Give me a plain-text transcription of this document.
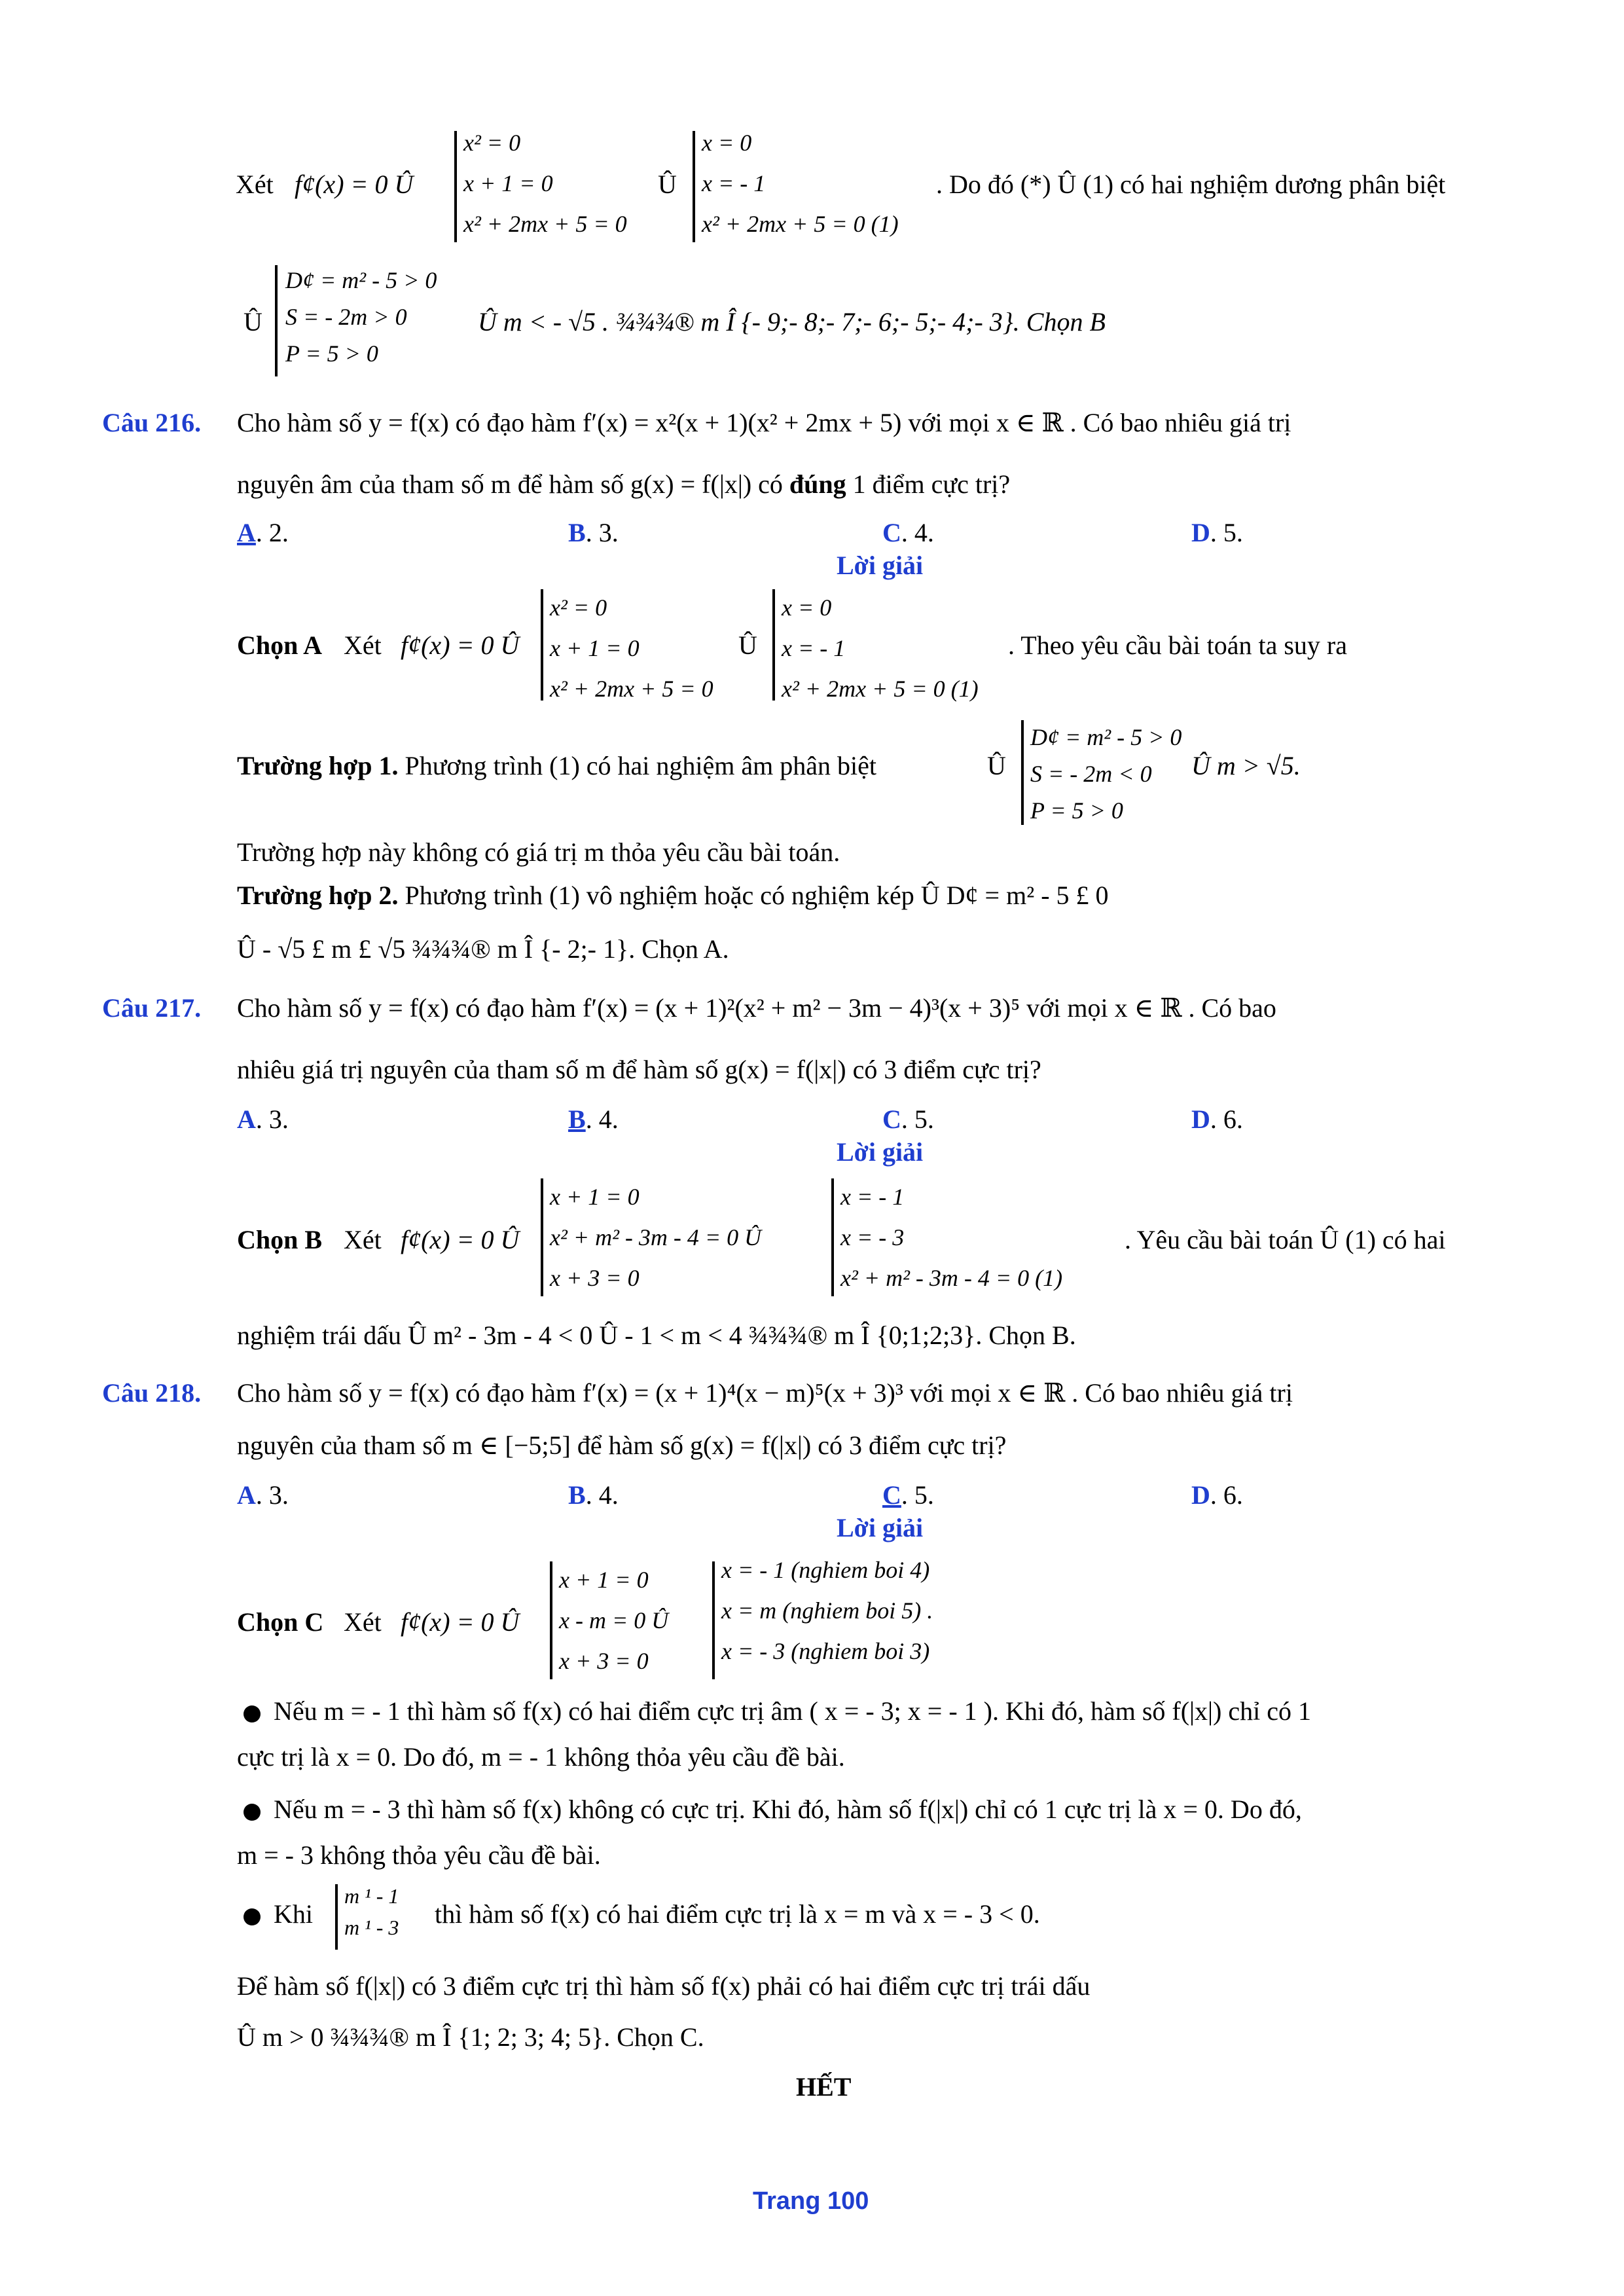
Xét f¢(x) = 0 Û
x² = 0
x + 1 = 0
x² + 2mx + 5 = 0
Û
x = 0
x = - 1
x² + 2mx + 5 = 0 (1)
. Do đó (*) Û (1) có hai nghiệm dương phân biệt
Û
D¢ = m² - 5 > 0
S = - 2m > 0
P = 5 > 0
Û m < - √5 . ¾¾¾® m Î {- 9;- 8;- 7;- 6;- 5;- 4;- 3}. Chọn B
Câu 216. Cho hàm số y = f(x) có đạo hàm f′(x) = x²(x + 1)(x² + 2mx + 5) với mọi x ∈ ℝ . Có bao nhiêu giá trị
nguyên âm của tham số m để hàm số g(x) = f(|x|) có đúng 1 điểm cực trị?
A. 2.	B. 3.	C. 4.	D. 5.
Lời giải
Chọn A Xét f¢(x) = 0 Û
x² = 0
x + 1 = 0
x² + 2mx + 5 = 0
Û
x = 0
x = - 1
x² + 2mx + 5 = 0 (1)
. Theo yêu cầu bài toán ta suy ra
Trường hợp 1. Phương trình (1) có hai nghiệm âm phân biệt	Û
D¢ = m² - 5 > 0
S = - 2m < 0
P = 5 > 0
Û m > √5.
Trường hợp này không có giá trị m thỏa yêu cầu bài toán.
Trường hợp 2. Phương trình (1) vô nghiệm hoặc có nghiệm kép Û D¢ = m² - 5 £ 0
Û - √5 £ m £ √5 ¾¾¾® m Î {- 2;- 1}. Chọn A.
Câu 217. Cho hàm số y = f(x) có đạo hàm f′(x) = (x + 1)²(x² + m² − 3m − 4)³(x + 3)⁵ với mọi x ∈ ℝ . Có bao
nhiêu giá trị nguyên của tham số m để hàm số g(x) = f(|x|) có 3 điểm cực trị?
A. 3.	B. 4.	C. 5.	D. 6.
Lời giải
Chọn B Xét f¢(x) = 0 Û
x + 1 = 0
x² + m² - 3m - 4 = 0 Û
x + 3 = 0
x = - 1
x = - 3
x² + m² - 3m - 4 = 0 (1)
. Yêu cầu bài toán Û (1) có hai
nghiệm trái dấu Û m² - 3m - 4 < 0 Û - 1 < m < 4 ¾¾¾® m Î {0;1;2;3}. Chọn B.
Câu 218. Cho hàm số y = f(x) có đạo hàm f′(x) = (x + 1)⁴(x − m)⁵(x + 3)³ với mọi x ∈ ℝ . Có bao nhiêu giá trị
nguyên của tham số m ∈ [−5;5] để hàm số g(x) = f(|x|) có 3 điểm cực trị?
A. 3.	B. 4.	C. 5.	D. 6.
Lời giải
Chọn C Xét f¢(x) = 0 Û
x + 1 = 0
x - m = 0 Û
x + 3 = 0
x = - 1 (nghiem boi 4)
x = m (nghiem boi 5) .
x = - 3 (nghiem boi 3)
Nếu m = - 1 thì hàm số f(x) có hai điểm cực trị âm ( x = - 3; x = - 1 ). Khi đó, hàm số f(|x|) chỉ có 1
cực trị là x = 0. Do đó, m = - 1 không thỏa yêu cầu đề bài.
Nếu m = - 3 thì hàm số f(x) không có cực trị. Khi đó, hàm số f(|x|) chỉ có 1 cực trị là x = 0. Do đó,
m = - 3 không thỏa yêu cầu đề bài.
Khi
m ¹ - 1
m ¹ - 3 thì hàm số f(x) có hai điểm cực trị là x = m và x = - 3 < 0.
Để hàm số f(|x|) có 3 điểm cực trị thì hàm số f(x) phải có hai điểm cực trị trái dấu
Û m > 0 ¾¾¾® m Î {1; 2; 3; 4; 5}. Chọn C.
HẾT
Trang 100
